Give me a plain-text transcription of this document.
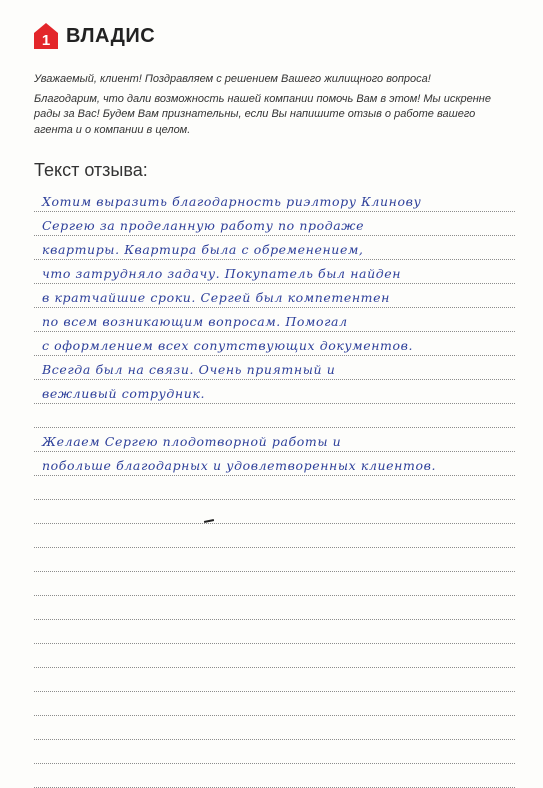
1 ВЛАДИС

Уважаемый, клиент! Поздравляем с решением Вашего жилищного вопроса!

Благодарим, что дали возможность нашей компании помочь Вам в этом! Мы искренне рады за Вас! Будем Вам признательны, если Вы напишите отзыв о работе вашего агента и о компании в целом.

Текст отзыва:
Хотим выразить благодарность риэлтору Клинову
Сергею за проделанную работу по продаже
квартиры. Квартира была с обременением,
что затрудняло задачу. Покупатель был найден
в кратчайшие сроки. Сергей был компетентен
по всем возникающим вопросам. Помогал
с оформлением всех сопутствующих документов.
Всегда был на связи. Очень приятный и
вежливый сотрудник.
Желаем Сергею плодотворной работы и
побольше благодарных и удовлетворенных клиентов.
